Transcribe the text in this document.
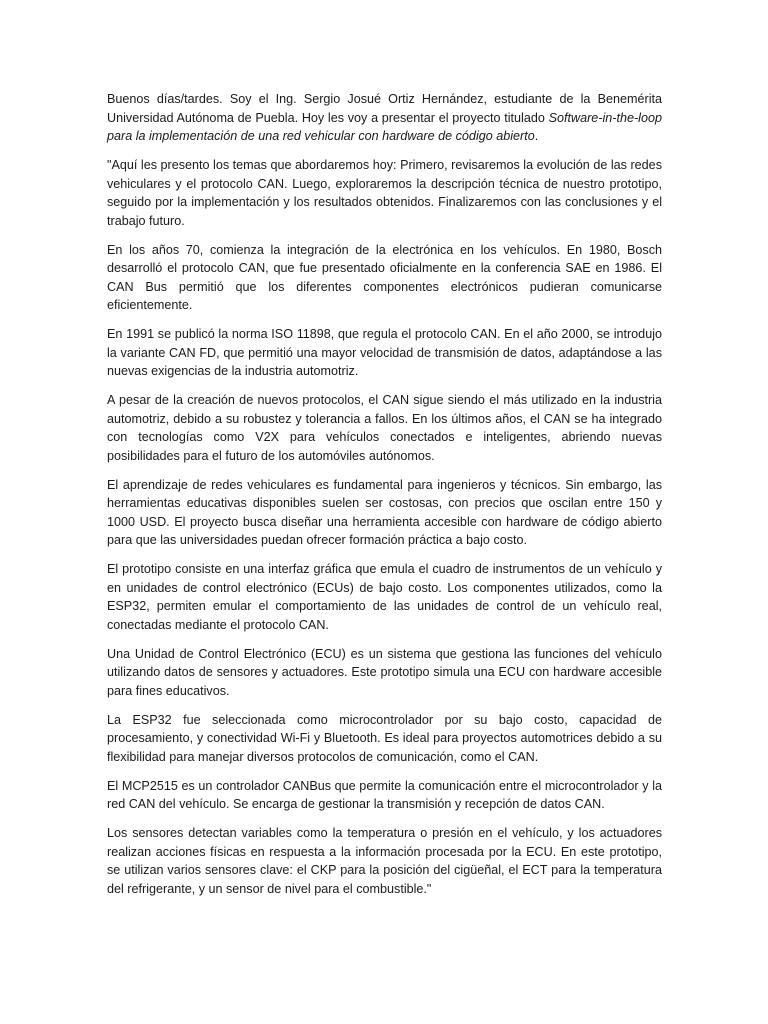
Buenos días/tardes. Soy el Ing. Sergio Josué Ortiz Hernández, estudiante de la Benemérita Universidad Autónoma de Puebla. Hoy les voy a presentar el proyecto titulado Software-in-the-loop para la implementación de una red vehicular con hardware de código abierto.

"Aquí les presento los temas que abordaremos hoy: Primero, revisaremos la evolución de las redes vehiculares y el protocolo CAN. Luego, exploraremos la descripción técnica de nuestro prototipo, seguido por la implementación y los resultados obtenidos. Finalizaremos con las conclusiones y el trabajo futuro.

En los años 70, comienza la integración de la electrónica en los vehículos. En 1980, Bosch desarrolló el protocolo CAN, que fue presentado oficialmente en la conferencia SAE en 1986. El CAN Bus permitió que los diferentes componentes electrónicos pudieran comunicarse eficientemente.

En 1991 se publicó la norma ISO 11898, que regula el protocolo CAN. En el año 2000, se introdujo la variante CAN FD, que permitió una mayor velocidad de transmisión de datos, adaptándose a las nuevas exigencias de la industria automotriz.

A pesar de la creación de nuevos protocolos, el CAN sigue siendo el más utilizado en la industria automotriz, debido a su robustez y tolerancia a fallos. En los últimos años, el CAN se ha integrado con tecnologías como V2X para vehículos conectados e inteligentes, abriendo nuevas posibilidades para el futuro de los automóviles autónomos.

El aprendizaje de redes vehiculares es fundamental para ingenieros y técnicos. Sin embargo, las herramientas educativas disponibles suelen ser costosas, con precios que oscilan entre 150 y 1000 USD. El proyecto busca diseñar una herramienta accesible con hardware de código abierto para que las universidades puedan ofrecer formación práctica a bajo costo.

El prototipo consiste en una interfaz gráfica que emula el cuadro de instrumentos de un vehículo y en unidades de control electrónico (ECUs) de bajo costo. Los componentes utilizados, como la ESP32, permiten emular el comportamiento de las unidades de control de un vehículo real, conectadas mediante el protocolo CAN.

Una Unidad de Control Electrónico (ECU) es un sistema que gestiona las funciones del vehículo utilizando datos de sensores y actuadores. Este prototipo simula una ECU con hardware accesible para fines educativos.

La ESP32 fue seleccionada como microcontrolador por su bajo costo, capacidad de procesamiento, y conectividad Wi-Fi y Bluetooth. Es ideal para proyectos automotrices debido a su flexibilidad para manejar diversos protocolos de comunicación, como el CAN.

El MCP2515 es un controlador CANBus que permite la comunicación entre el microcontrolador y la red CAN del vehículo. Se encarga de gestionar la transmisión y recepción de datos CAN.

Los sensores detectan variables como la temperatura o presión en el vehículo, y los actuadores realizan acciones físicas en respuesta a la información procesada por la ECU. En este prototipo, se utilizan varios sensores clave: el CKP para la posición del cigüeñal, el ECT para la temperatura del refrigerante, y un sensor de nivel para el combustible."
